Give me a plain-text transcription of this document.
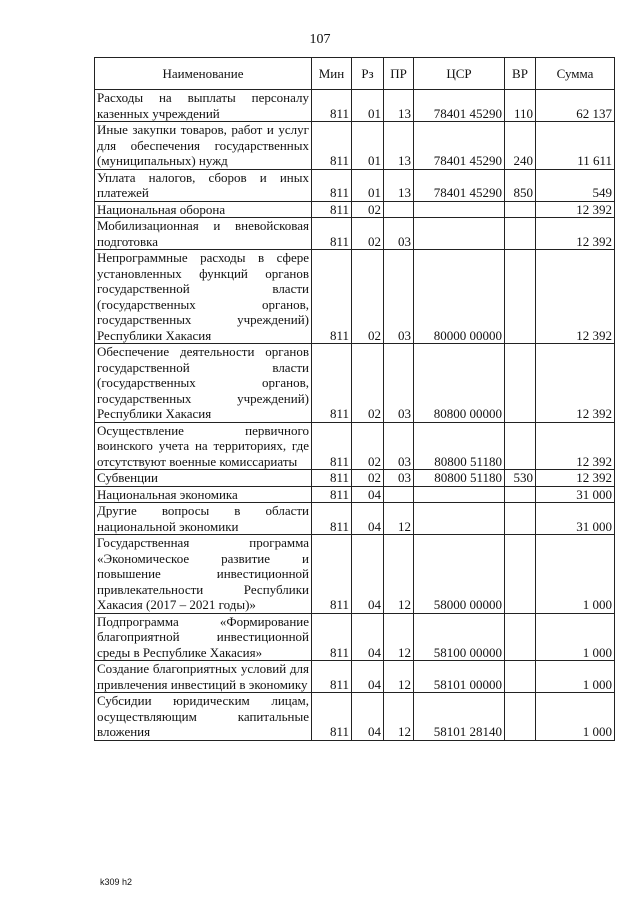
107
Наименование	Мин	Рз	ПР	ЦСР	ВР	Сумма
Расходы на выплаты персоналу казенных учреждений	811	01	13	78401 45290	110	62 137
Иные закупки товаров, работ и услуг для обеспечения государственных (муниципальных) нужд	811	01	13	78401 45290	240	11 611
Уплата налогов, сборов и иных платежей	811	01	13	78401 45290	850	549
Национальная оборона	811	02				12 392
Мобилизационная и вневойсковая подготовка	811	02	03			12 392
Непрограммные расходы в сфере установленных функций органов государственной власти (государственных органов, государственных учреждений) Республики Хакасия	811	02	03	80000 00000		12 392
Обеспечение деятельности органов государственной власти (государственных органов, государственных учреждений) Республики Хакасия	811	02	03	80800 00000		12 392
Осуществление первичного воинского учета на территориях, где отсутствуют военные комиссариаты	811	02	03	80800 51180		12 392
Субвенции	811	02	03	80800 51180	530	12 392
Национальная экономика	811	04				31 000
Другие вопросы в области национальной экономики	811	04	12			31 000
Государственная программа «Экономическое развитие и повышение инвестиционной привлекательности Республики Хакасия (2017 – 2021 годы)»	811	04	12	58000 00000		1 000
Подпрограмма «Формирование благоприятной инвестиционной среды в Республике Хакасия»	811	04	12	58100 00000		1 000
Создание благоприятных условий для привлечения инвестиций в экономику	811	04	12	58101 00000		1 000
Субсидии юридическим лицам, осуществляющим капитальные вложения	811	04	12	58101 28140		1 000
k309 h2
